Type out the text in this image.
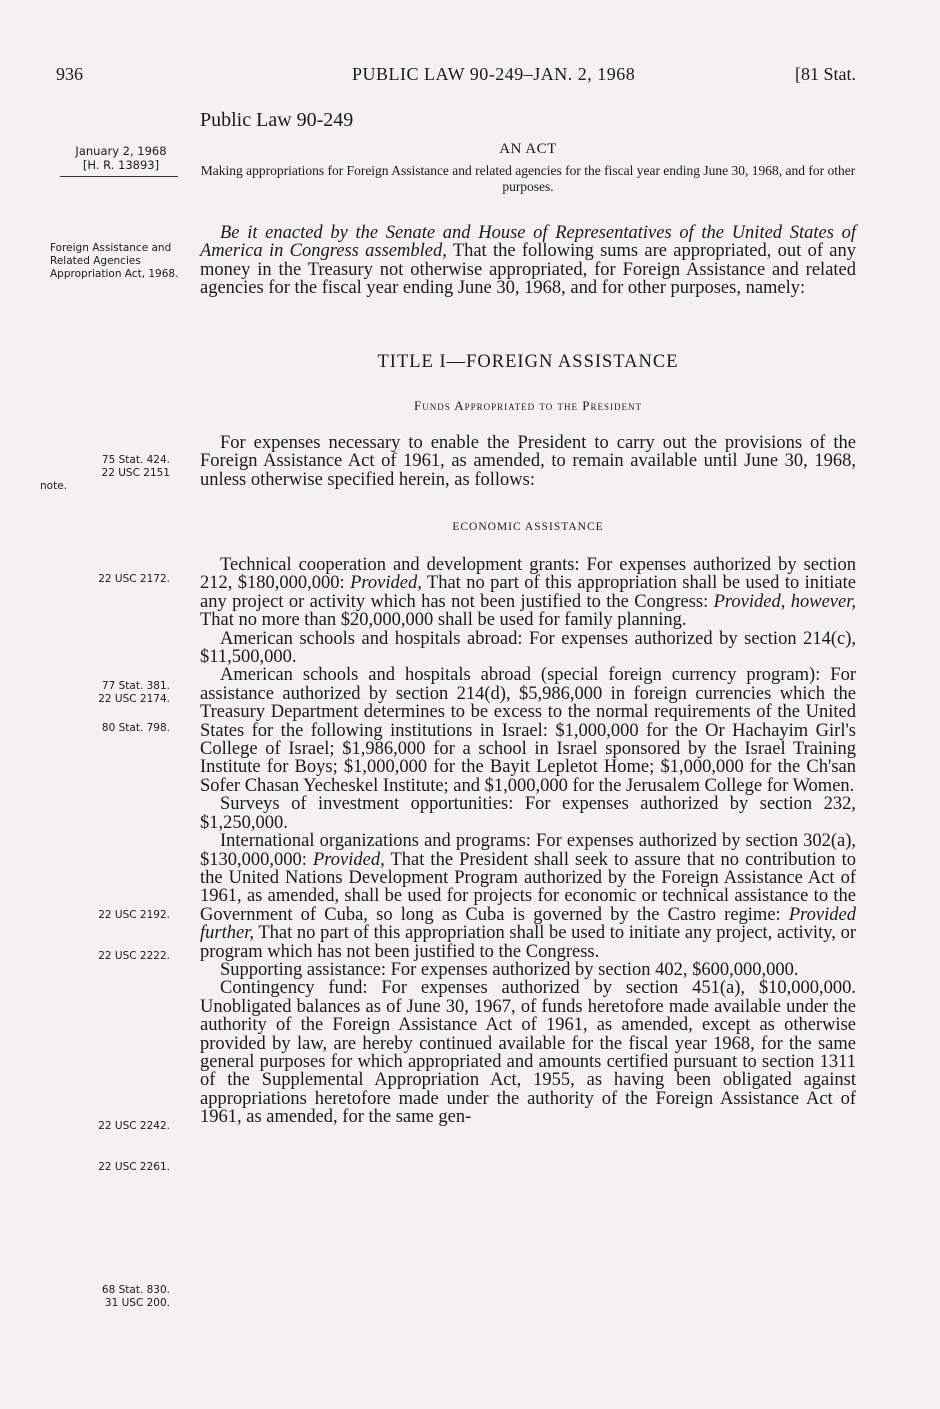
936	PUBLIC LAW 90-249–JAN. 2, 1968	[81 Stat.
Public Law 90-249
January 2, 1968
[H. R. 13893]
AN ACT
Making appropriations for Foreign Assistance and related agencies for the fiscal year ending June 30, 1968, and for other purposes.
Foreign Assistance and Related Agencies Appropriation Act, 1968.
75 Stat. 424.
22 USC 2151
note.
22 USC 2172.
77 Stat. 381.
22 USC 2174.
80 Stat. 798.
22 USC 2192.
22 USC 2222.
22 USC 2242.
22 USC 2261.
68 Stat. 830.
31 USC 200.

Be it enacted by the Senate and House of Representatives of the United States of America in Congress assembled, That the following sums are appropriated, out of any money in the Treasury not otherwise appropriated, for Foreign Assistance and related agencies for the fiscal year ending June 30, 1968, and for other purposes, namely:

TITLE I—FOREIGN ASSISTANCE
Funds Appropriated to the President

For expenses necessary to enable the President to carry out the provisions of the Foreign Assistance Act of 1961, as amended, to remain available until June 30, 1968, unless otherwise specified herein, as follows:

ECONOMIC ASSISTANCE

Technical cooperation and development grants: For expenses authorized by section 212, $180,000,000: Provided, That no part of this appropriation shall be used to initiate any project or activity which has not been justified to the Congress: Provided, however, That no more than $20,000,000 shall be used for family planning.

American schools and hospitals abroad: For expenses authorized by section 214(c), $11,500,000.

American schools and hospitals abroad (special foreign currency program): For assistance authorized by section 214(d), $5,986,000 in foreign currencies which the Treasury Department determines to be excess to the normal requirements of the United States for the following institutions in Israel: $1,000,000 for the Or Hachayim Girl's College of Israel; $1,986,000 for a school in Israel sponsored by the Israel Training Institute for Boys; $1,000,000 for the Bayit Lepletot Home; $1,000,000 for the Ch'san Sofer Chasan Yecheskel Institute; and $1,000,000 for the Jerusalem College for Women.

Surveys of investment opportunities: For expenses authorized by section 232, $1,250,000.

International organizations and programs: For expenses authorized by section 302(a), $130,000,000: Provided, That the President shall seek to assure that no contribution to the United Nations Development Program authorized by the Foreign Assistance Act of 1961, as amended, shall be used for projects for economic or technical assistance to the Government of Cuba, so long as Cuba is governed by the Castro regime: Provided further, That no part of this appropriation shall be used to initiate any project, activity, or program which has not been justified to the Congress.

Supporting assistance: For expenses authorized by section 402, $600,000,000.

Contingency fund: For expenses authorized by section 451(a), $10,000,000. Unobligated balances as of June 30, 1967, of funds heretofore made available under the authority of the Foreign Assistance Act of 1961, as amended, except as otherwise provided by law, are hereby continued available for the fiscal year 1968, for the same general purposes for which appropriated and amounts certified pursuant to section 1311 of the Supplemental Appropriation Act, 1955, as having been obligated against appropriations heretofore made under the authority of the Foreign Assistance Act of 1961, as amended, for the same gen-
